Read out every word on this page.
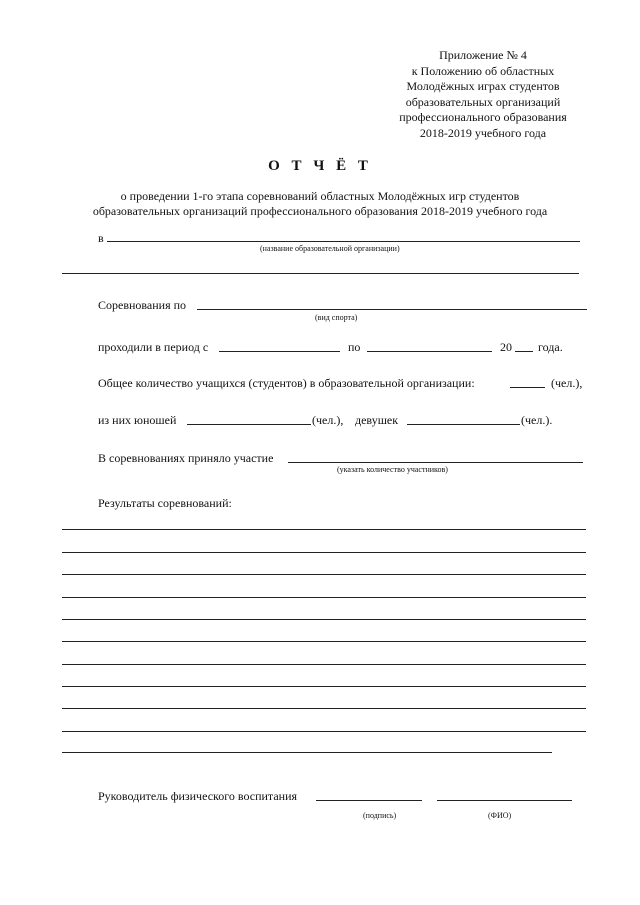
Приложение № 4
к Положению об областных
Молодёжных играх студентов
образовательных организаций
профессионального образования
2018-2019 учебного года
О Т Ч Ё Т
о проведении 1-го этапа соревнований областных Молодёжных игр студентов
образовательных организаций профессионального образования 2018-2019 учебного года
в
(название образовательной организации)
Соревнования по
(вид спорта)
проходили в период с	по	20 года.
Общее количество учащихся (студентов) в образовательной организации:	(чел.),
из них юношей	(чел.), девушек	(чел.).
В соревнованиях приняло участие
(указать количество участников)
Результаты соревнований:
Руководитель физического воспитания
(подпись)	(ФИО)
